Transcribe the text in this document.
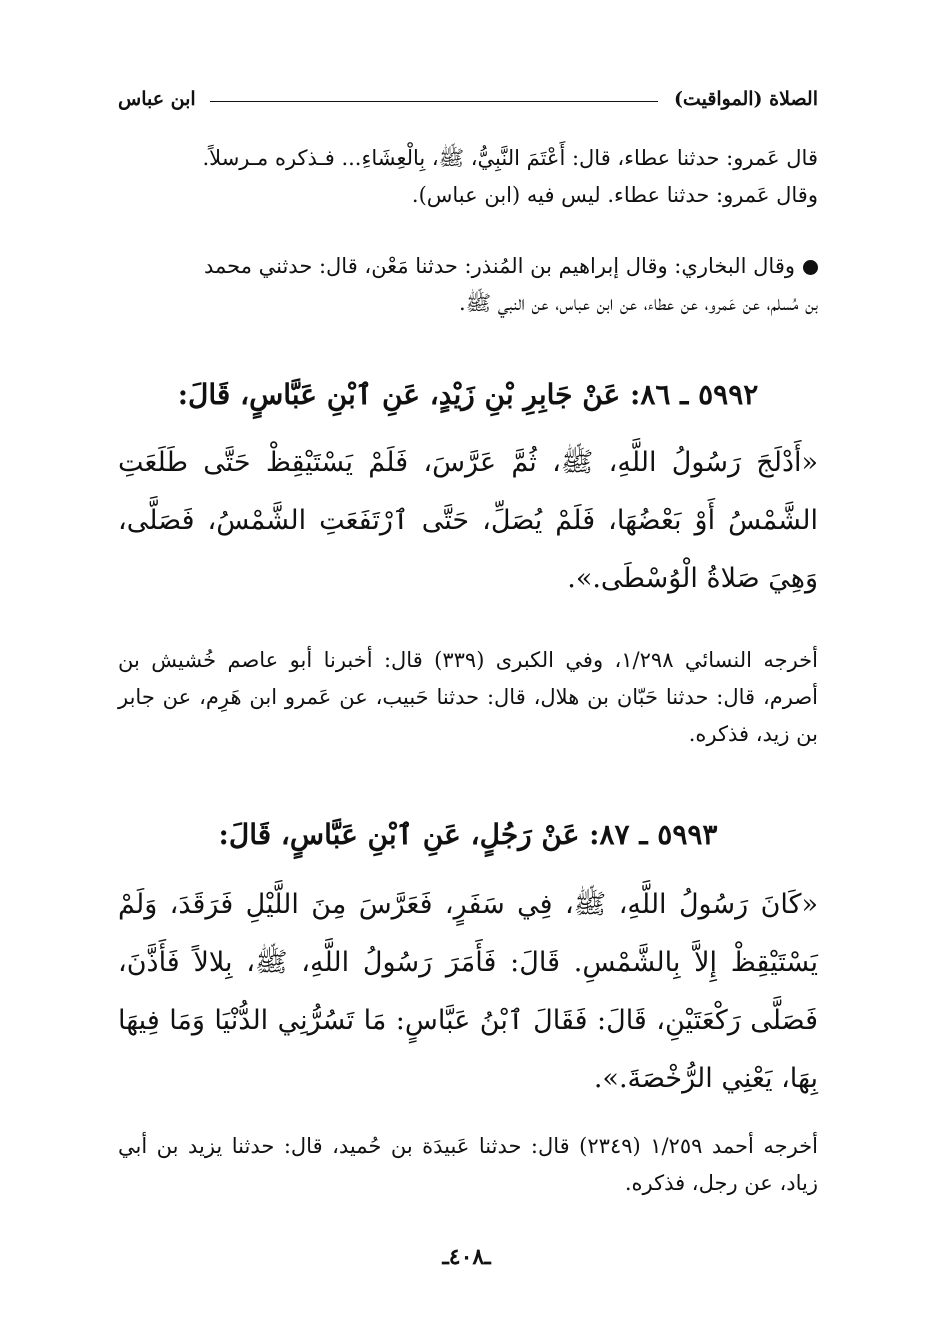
الصلاة (المواقيت)
ابن عباس

قال عَمرو: حدثنا عطاء، قال: أَعْتَمَ النَّبِيُّ، ﷺ، بِالْعِشَاءِ... فـذكره مـرسلاً.

وقال عَمرو: حدثنا عطاء. ليس فيه (ابن عباس).

وقال البخاري: وقال إبراهيم بن المُنذر: حدثنا مَعْن، قال: حدثني محمد

بن مُسلم، عن عَمرو، عن عطاء، عن ابن عباس، عن النبي ﷺ.

٥٩٩٢ ـ ٨٦: عَنْ جَابِرِ بْنِ زَيْدٍ، عَنِ ٱبْنِ عَبَّاسٍ، قَالَ:
«أَدْلَجَ رَسُولُ اللَّهِ، ﷺ، ثُمَّ عَرَّسَ، فَلَمْ يَسْتَيْقِظْ حَتَّى طَلَعَتِ الشَّمْسُ أَوْ بَعْضُهَا، فَلَمْ يُصَلِّ، حَتَّى ٱرْتَفَعَتِ الشَّمْسُ، فَصَلَّى، وَهِيَ صَلاةُ الْوُسْطَى.».
أخرجه النسائي ١/٢٩٨، وفي الكبرى (٣٣٩) قال: أخبرنا أبو عاصم خُشيش بن أصرم، قال: حدثنا حَبّان بن هلال، قال: حدثنا حَبيب، عن عَمرو ابن هَرِم، عن جابر بن زيد، فذكره.
٥٩٩٣ ـ ٨٧: عَنْ رَجُلٍ، عَنِ ٱبْنِ عَبَّاسٍ، قَالَ:
«كَانَ رَسُولُ اللَّهِ، ﷺ، فِي سَفَرٍ، فَعَرَّسَ مِنَ اللَّيْلِ فَرَقَدَ، وَلَمْ يَسْتَيْقِظْ إِلاَّ بِالشَّمْسِ. قَالَ: فَأَمَرَ رَسُولُ اللَّهِ، ﷺ، بِلالاً فَأَذَّنَ، فَصَلَّى رَكْعَتَيْنِ، قَالَ: فَقَالَ ٱبْنُ عَبَّاسٍ: مَا تَسُرُّنِي الدُّنْيَا وَمَا فِيهَا بِهَا، يَعْنِي الرُّخْصَةَ.».
أخرجه أحمد ١/٢٥٩ (٢٣٤٩) قال: حدثنا عَبيدَة بن حُميد، قال: حدثنا يزيد بن أبي زياد، عن رجل، فذكره.
ـ٤٠٨ـ
